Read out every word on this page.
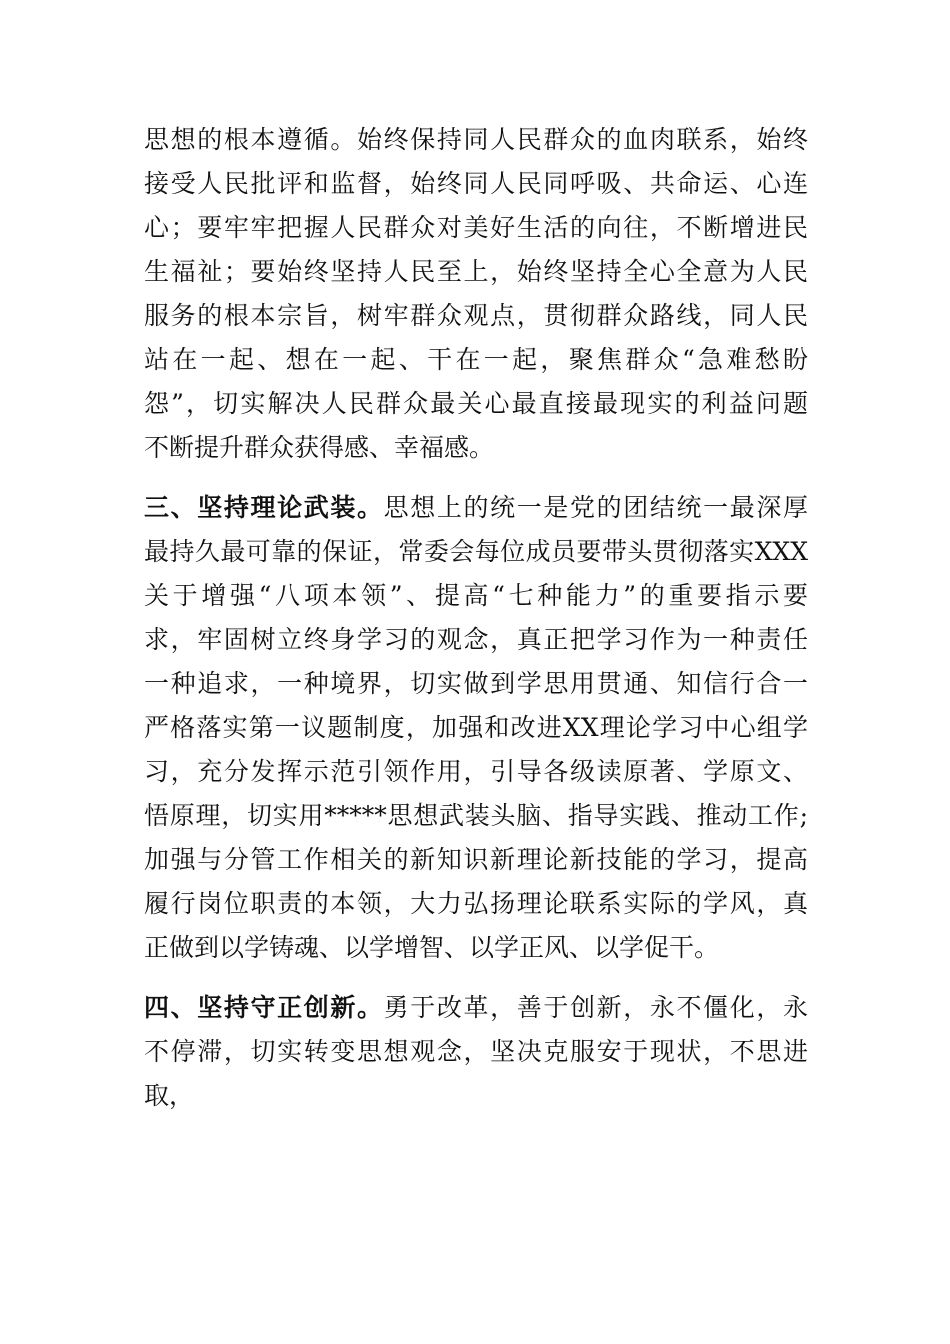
思想的根本遵循。始终保持同人民群众的血肉联系，始终
接受人民批评和监督，始终同人民同呼吸、共命运、心连
心；要牢牢把握人民群众对美好生活的向往，不断增进民
生福祉；要始终坚持人民至上，始终坚持全心全意为人民
服务的根本宗旨，树牢群众观点，贯彻群众路线，同人民
站在一起、想在一起、干在一起，聚焦群众“急难愁盼
怨”，切实解决人民群众最关心最直接最现实的利益问题
不断提升群众获得感、幸福感。
三、坚持理论武装。思想上的统一是党的团结统一最深厚
最持久最可靠的保证，常委会每位成员要带头贯彻落实XXX
关于增强“八项本领”、提高“七种能力”的重要指示要
求，牢固树立终身学习的观念，真正把学习作为一种责任
一种追求，一种境界，切实做到学思用贯通、知信行合一
严格落实第一议题制度，加强和改进XX理论学习中心组学
习，充分发挥示范引领作用，引导各级读原著、学原文、
悟原理，切实用*****思想武装头脑、指导实践、推动工作;
加强与分管工作相关的新知识新理论新技能的学习，提高
履行岗位职责的本领，大力弘扬理论联系实际的学风，真
正做到以学铸魂、以学增智、以学正风、以学促干。
四、坚持守正创新。勇于改革，善于创新，永不僵化，永
不停滞，切实转变思想观念，坚决克服安于现状，不思进
取，
